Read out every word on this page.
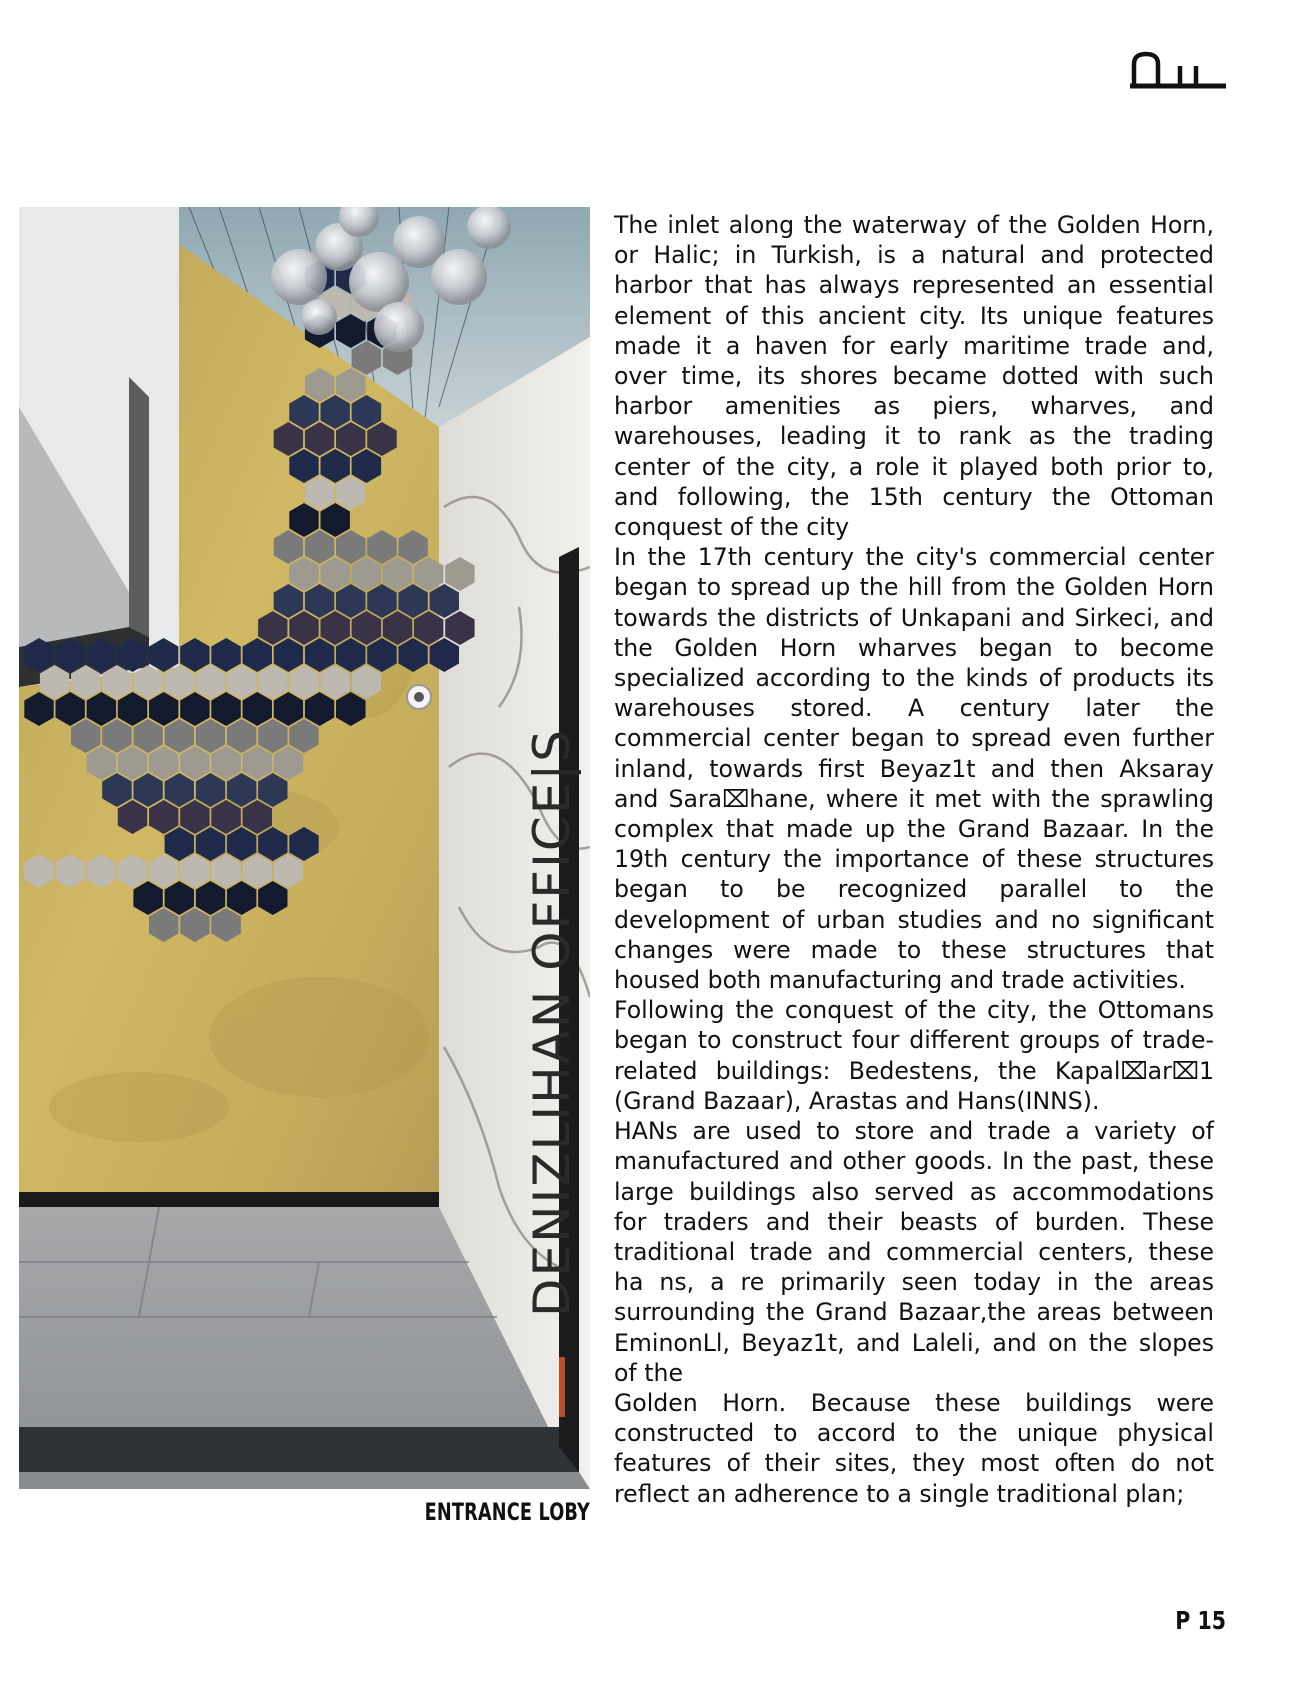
DENIZLIHAN OFFICE|S

The inlet along the waterway of the Golden Horn, or Halic; in Turkish, is a natural and protected harbor that has always represented an essential element of this ancient city. Its unique features made it a haven for early maritime trade and, over time, its shores became dotted with such harbor amenities as piers, wharves, and warehouses, leading it to rank as the trading center of the city, a role it played both prior to, and following, the 15th century the Ottoman conquest of the city

In the 17th century the city's commercial center began to spread up the hill from the Golden Horn towards the districts of Unkapani and Sirkeci, and the Golden Horn wharves began to become specialized according to the kinds of products its warehouses stored. A century later the commercial center began to spread even further inland, towards first Beyaz1t and then Aksaray and Sara⌧hane, where it met with the sprawling complex that made up the Grand Bazaar. In the 19th century the importance of these structures began to be recognized parallel to the development of urban studies and no significant changes were made to these structures that housed both manufacturing and trade activities.

Following the conquest of the city, the Ottomans began to construct four different groups of trade-related buildings: Bedestens, the Kapal⌧ar⌧1 (Grand Bazaar), Arastas and Hans(INNS).

HANs are used to store and trade a variety of manufactured and other goods. In the past, these large buildings also served as accommodations for traders and their beasts of burden. These traditional trade and commercial centers, these ha ns, a re primarily seen today in the areas surrounding the Grand Bazaar,the areas between EminonLl, Beyaz1t, and Laleli, and on the slopes of the

Golden Horn. Because these buildings were constructed to accord to the unique physical features of their sites, they most often do not reflect an adherence to a single traditional plan;

ENTRANCE LOBY
P 15
